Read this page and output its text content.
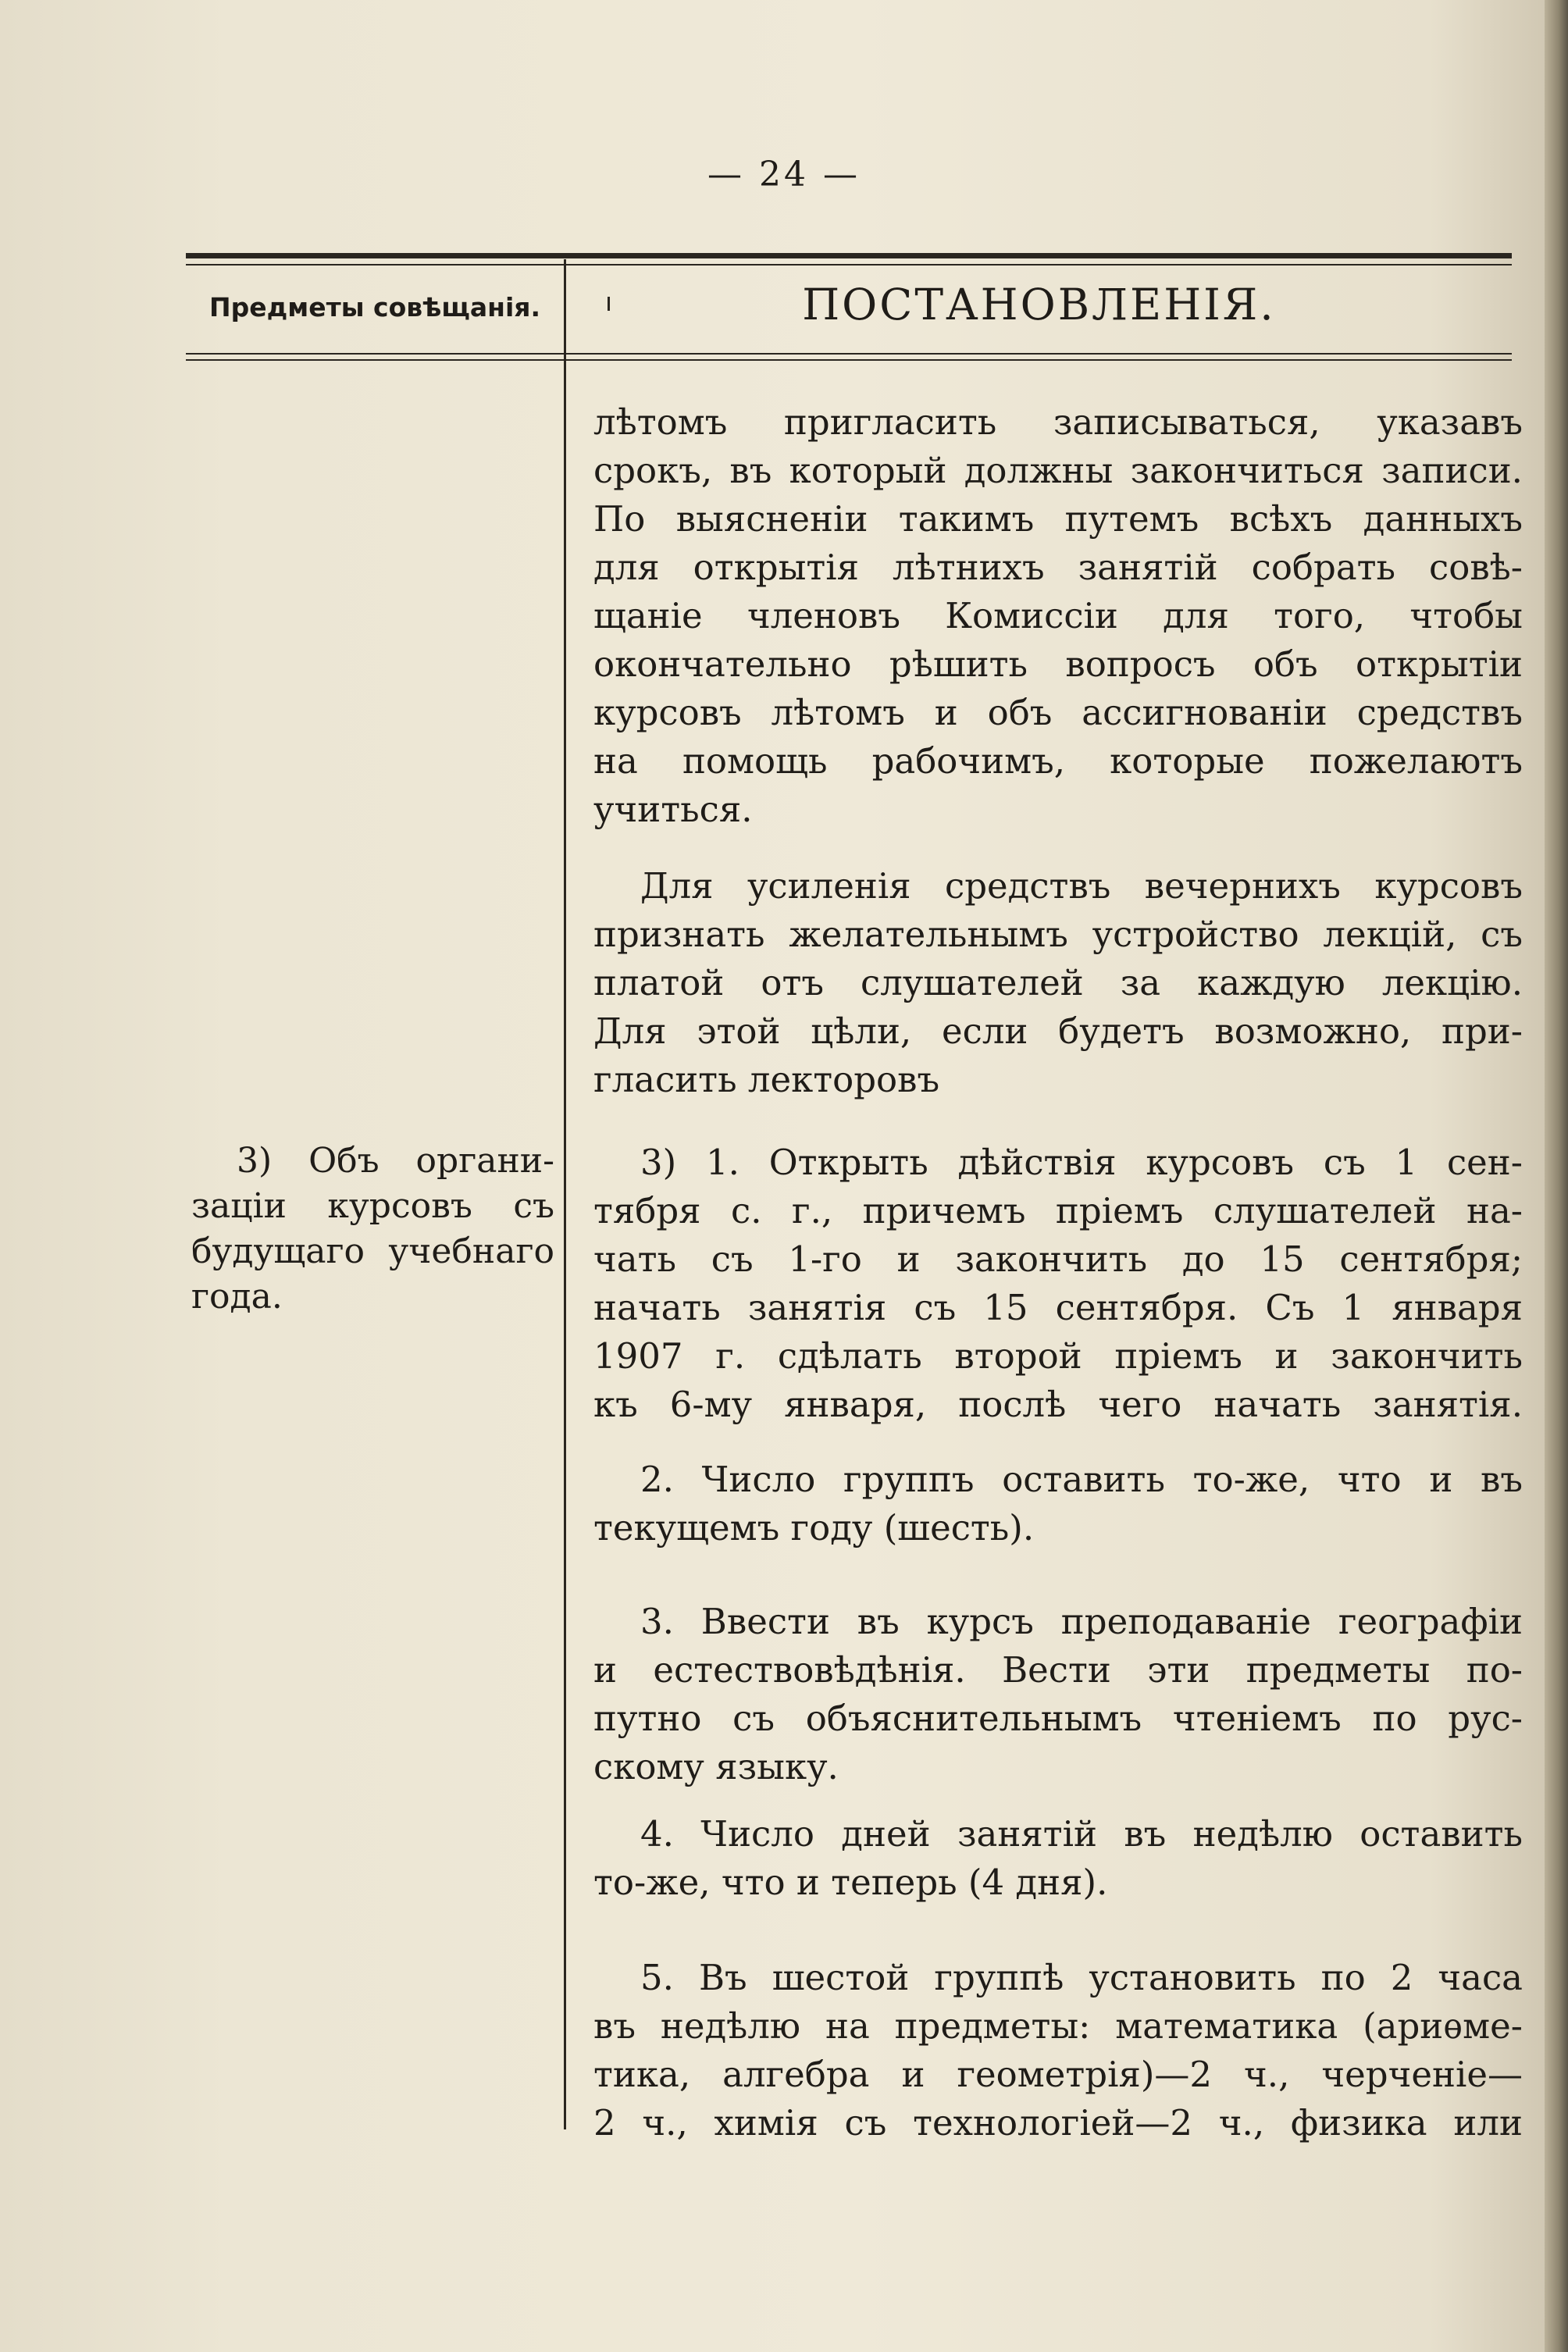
— 24 —
Предметы совѣщанія.	ПОСТАНОВЛЕНІЯ.
3) Объ органи-
заціи курсовъ съ
будущаго учебнаго
года.
лѣтомъ пригласить записываться, указавъ
срокъ, въ который должны закончиться записи.
По выясненіи такимъ путемъ всѣхъ данныхъ
для открытія лѣтнихъ занятій собрать совѣ-
щаніе членовъ Комиссіи для того, чтобы
окончательно рѣшить вопросъ объ открытіи
курсовъ лѣтомъ и объ ассигнованіи средствъ
на помощь рабочимъ, которые пожелаютъ
учиться.
Для усиленія средствъ вечернихъ курсовъ
признать желательнымъ устройство лекцій, съ
платой отъ слушателей за каждую лекцію.
Для этой цѣли, если будетъ возможно, при-
гласить лекторовъ
3) 1. Открыть дѣйствія курсовъ съ 1 сен-
тября с. г., причемъ пріемъ слушателей на-
чать съ 1-го и закончить до 15 сентября;
начать занятія съ 15 сентября. Съ 1 января
1907 г. сдѣлать второй пріемъ и закончить
къ 6-му января, послѣ чего начать занятія.
2. Число группъ оставить то-же, что и въ
текущемъ году (шесть).
3. Ввести въ курсъ преподаваніе географіи
и естествовѣдѣнія. Вести эти предметы по-
путно съ объяснительнымъ чтеніемъ по рус-
скому языку.
4. Число дней занятій въ недѣлю оставить
то-же, что и теперь (4 дня).
5. Въ шестой группѣ установить по 2 часа
въ недѣлю на предметы: математика (ариѳме-
тика, алгебра и геометрія)—2 ч., черченіе—
2 ч., химія съ технологіей—2 ч., физика или
